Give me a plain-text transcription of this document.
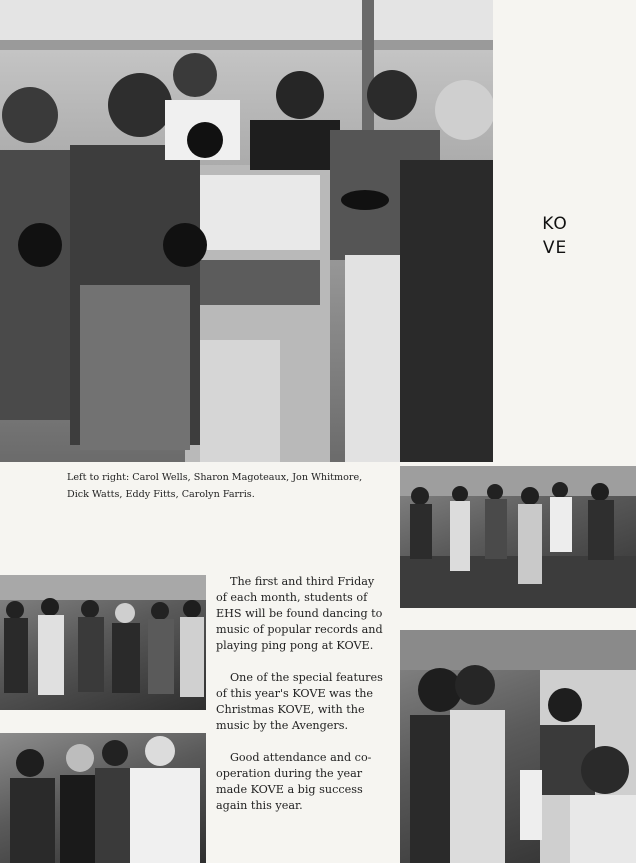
KOVE
Left to right: Carol Wells, Sharon Magoteaux, Jon Whitmore, Dick Watts, Eddy Fitts, Carolyn Farris.

The first and third Friday of each month, students of EHS will be found dancing to music of popular records and playing ping pong at KOVE.

One of the special features of this year's KOVE was the Christmas KOVE, with the music by the Avengers.

Good attendance and co-operation during the year made KOVE a big success again this year.
